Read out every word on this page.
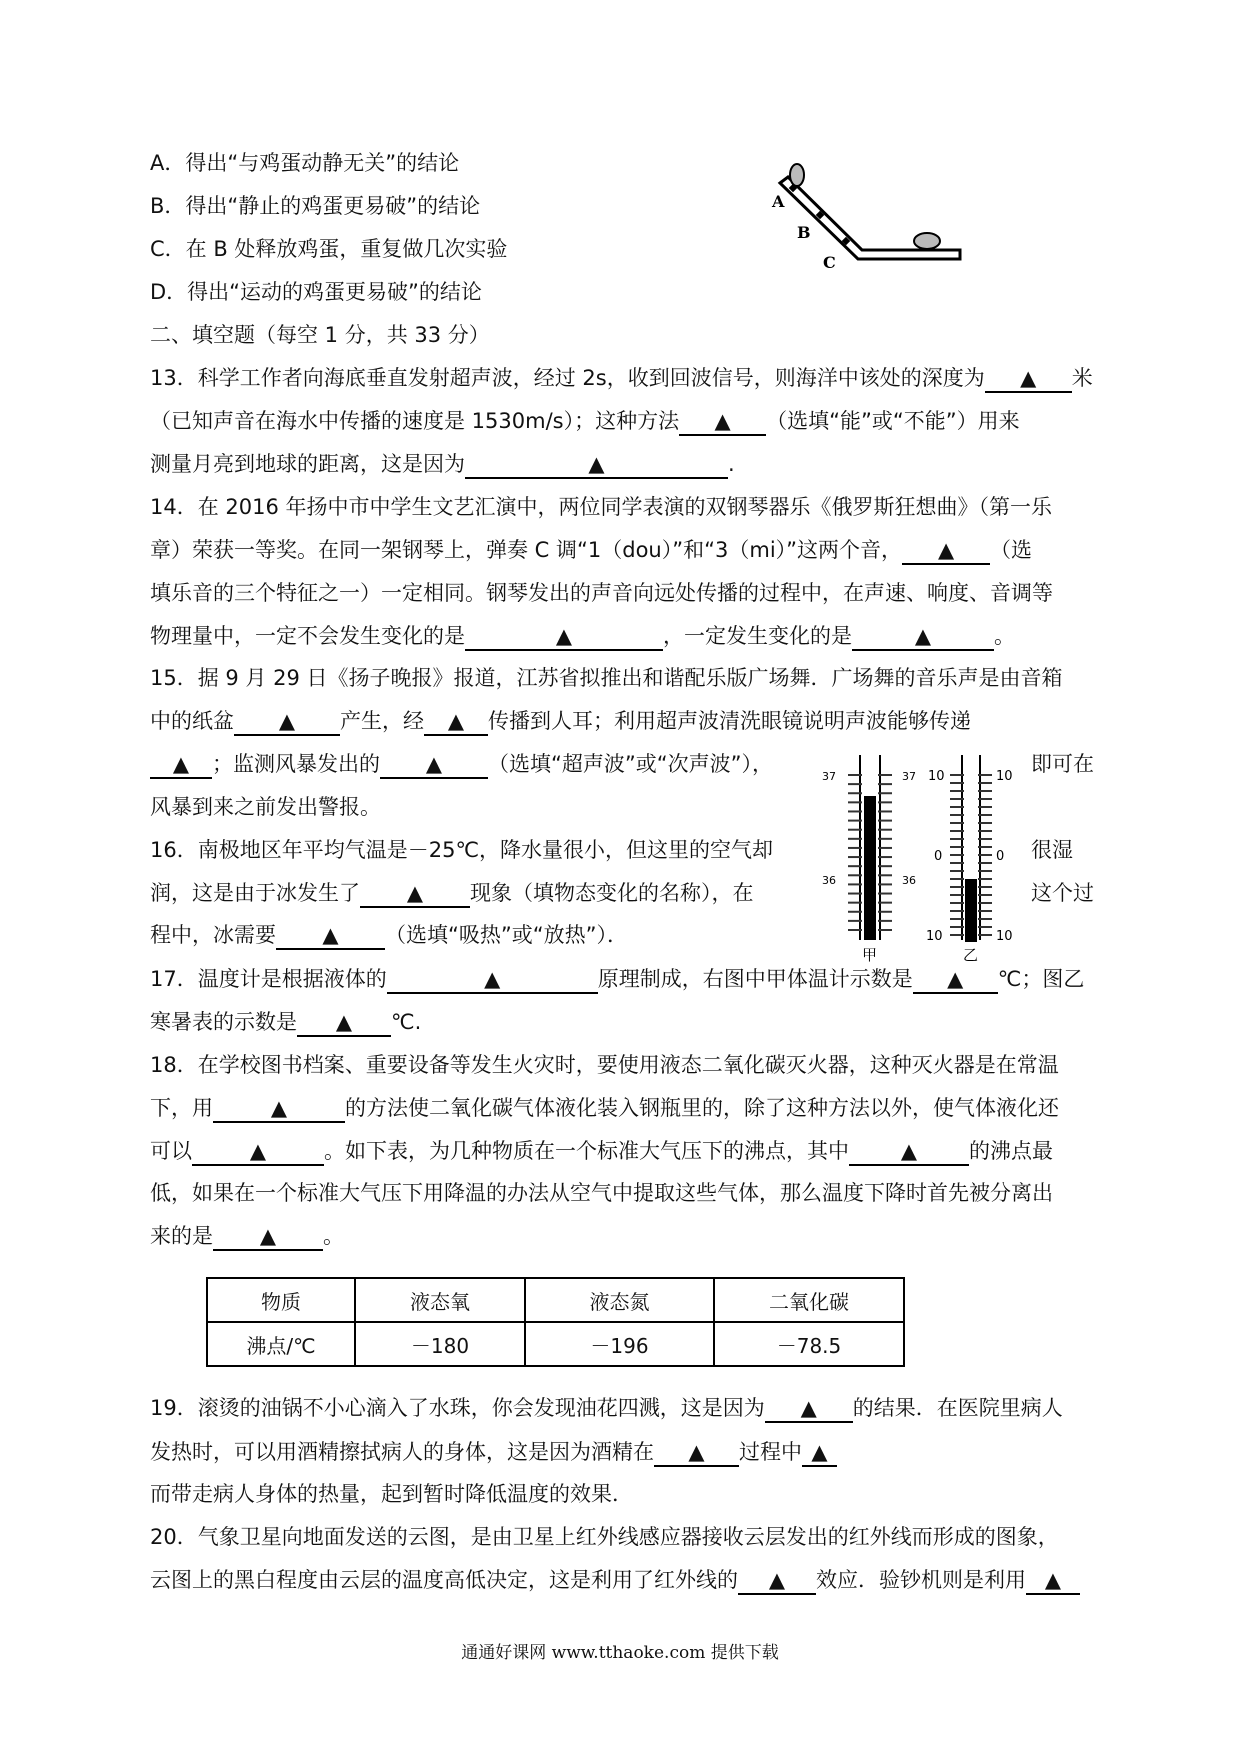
A．得出“与鸡蛋动静无关”的结论
B．得出“静止的鸡蛋更易破”的结论
C．在 B 处释放鸡蛋，重复做几次实验
D．得出“运动的鸡蛋更易破”的结论
二、填空题（每空 1 分，共 33 分）
13．科学工作者向海底垂直发射超声波，经过 2s，收到回波信号，则海洋中该处的深度为 ▲ 米
（已知声音在海水中传播的速度是 1530m/s）；这种方法 ▲ （选填“能”或“不能”）用来
测量月亮到地球的距离，这是因为	▲	.
14．在 2016 年扬中市中学生文艺汇演中，两位同学表演的双钢琴器乐《俄罗斯狂想曲》（第一乐
章）荣获一等奖。在同一架钢琴上，弹奏 C 调“1（dou）”和“3（mi）”这两个音， ▲ （选
填乐音的三个特征之一）一定相同。钢琴发出的声音向远处传播的过程中，在声速、响度、音调等
物理量中，一定不会发生变化的是	▲	，一定发生变化的是	▲	。
15．据 9 月 29 日《扬子晚报》报道，江苏省拟推出和谐配乐版广场舞．广场舞的音乐声是由音箱
中的纸盆 ▲ 产生，经 ▲ 传播到人耳；利用超声波清洗眼镜说明声波能够传递
▲ ；监测风暴发出的 ▲ （选填“超声波”或“次声波”），
风暴到来之前发出警报。
16．南极地区年平均气温是－25℃，降水量很小，但这里的空气却
润，这是由于冰发生了 ▲ 现象（填物态变化的名称），在
程中，冰需要 ▲ （选填“吸热”或“放热”）．
17．温度计是根据液体的	▲	原理制成，右图中甲体温计示数是 ▲ ℃；图乙
寒暑表的示数是 ▲ ℃.
18．在学校图书档案、重要设备等发生火灾时，要使用液态二氧化碳灭火器，这种灭火器是在常温
下，用	▲	的方法使二氧化碳气体液化装入钢瓶里的，除了这种方法以外，使气体液化还
可以	▲	。如下表，为几种物质在一个标准大气压下的沸点，其中 ▲ 的沸点最
低，如果在一个标准大气压下用降温的办法从空气中提取这些气体，那么温度下降时首先被分离出
来的是 ▲ 。
19．滚烫的油锅不小心滴入了水珠，你会发现油花四溅，这是因为 ▲ 的结果．在医院里病人
发热时，可以用酒精擦拭病人的身体，这是因为酒精在 ▲ 过程中 ▲
而带走病人身体的热量，起到暂时降低温度的效果．
20．气象卫星向地面发送的云图，是由卫星上红外线感应器接收云层发出的红外线而形成的图象，
云图上的黑白程度由云层的温度高低决定，这是利用了红外线的 ▲ 效应．验钞机则是利用 ▲
即可在
很湿
这个过
A
B
C
37	37
36	36
甲
10	10
0	0
10	10
乙
物质	液态氧	液态氮	二氧化碳
沸点/℃	－180	－196	－78.5
通通好课网 www.tthaoke.com 提供下载
